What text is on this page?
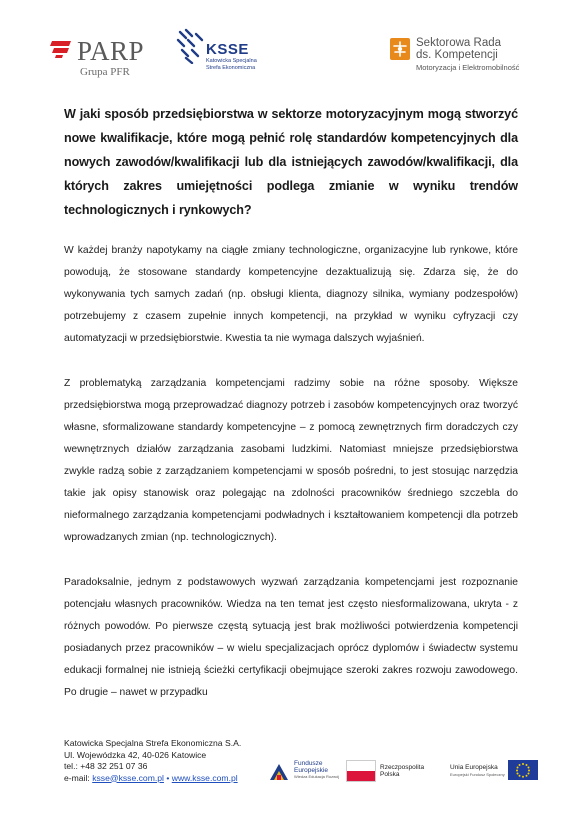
PARP
Grupa PFR
KSSE
Katowicka Specjalna Strefa Ekonomiczna
Sektorowa Rada
ds. Kompetencji
Motoryzacja i Elektromobilność

W jaki sposób przedsiębiorstwa w sektorze motoryzacyjnym mogą stworzyć nowe kwalifikacje, które mogą pełnić rolę standardów kompetencyjnych dla nowych zawodów/kwalifikacji lub dla istniejących zawodów/kwalifikacji, dla których zakres umiejętności podlega zmianie w wyniku trendów technologicznych i rynkowych?

W każdej branży napotykamy na ciągłe zmiany technologiczne, organizacyjne lub rynkowe, które powodują, że stosowane standardy kompetencyjne dezaktualizują się. Zdarza się, że do wykonywania tych samych zadań (np. obsługi klienta, diagnozy silnika, wymiany podzespołów) potrzebujemy z czasem zupełnie innych kompetencji, na przykład w wyniku cyfryzacji czy automatyzacji w przedsiębiorstwie. Kwestia ta nie wymaga dalszych wyjaśnień.

Z problematyką zarządzania kompetencjami radzimy sobie na różne sposoby. Większe przedsiębiorstwa mogą przeprowadzać diagnozy potrzeb i zasobów kompetencyjnych oraz tworzyć własne, sformalizowane standardy kompetencyjne – z pomocą zewnętrznych firm doradczych czy wewnętrznych działów zarządzania zasobami ludzkimi. Natomiast mniejsze przedsiębiorstwa zwykle radzą sobie z zarządzaniem kompetencjami w sposób pośredni, to jest stosując narzędzia takie jak opisy stanowisk oraz polegając na zdolności pracowników średniego szczebla do nieformalnego zarządzania kompetencjami podwładnych i kształtowaniem kompetencji dla potrzeb wprowadzanych zmian (np. technologicznych).

Paradoksalnie, jednym z podstawowych wyzwań zarządzania kompetencjami jest rozpoznanie potencjału własnych pracowników. Wiedza na ten temat jest często niesformalizowana, ukryta - z różnych powodów. Po pierwsze częstą sytuacją jest brak możliwości potwierdzenia kompetencji posiadanych przez pracowników – w wielu specjalizacjach oprócz dyplomów i świadectw systemu edukacji formalnej nie istnieją ścieżki certyfikacji obejmujące szeroki zakres rozwoju zawodowego. Po drugie – nawet w przypadku

Katowicka Specjalna Strefa Ekonomiczna S.A.
Ul. Wojewódzka 42, 40-026 Katowice
tel.: +48 32 251 07 36
e-mail: ksse@ksse.com.pl • www.ksse.com.pl
Fundusze
Europejskie
Wiedza Edukacja Rozwój
Rzeczpospolita
Polska
Unia Europejska
Europejski Fundusz Społeczny
